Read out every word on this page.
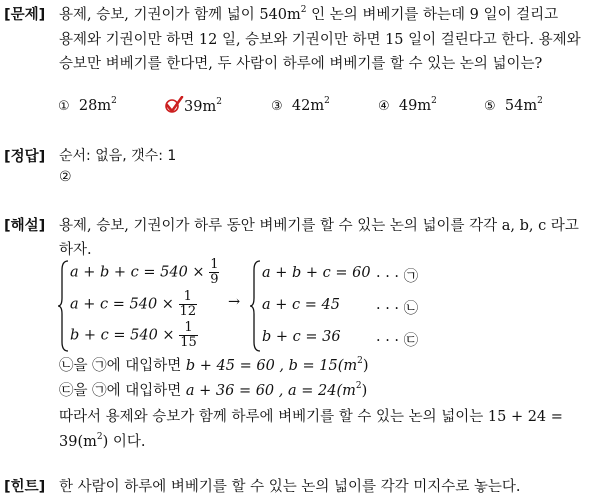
[문제] 용제, 승보, 기권이가 함께 넓이 $540m^2$ 인 논의 벼베기를 하는데 9 일이 걸리고
용제와 기권이만 하면 12 일, 승보와 기권이만 하면 15 일이 걸린다고 한다. 용제와
승보만 벼베기를 한다면, 두 사람이 하루에 벼베기를 할 수 있는 논의 넓이는?
① $28m^2$	$39m^2$	③ $42m^2$	④ $49m^2$	⑤ $54m^2$
[정답] 순서: 없음, 갯수: 1
②
[해설] 용제, 승보, 기권이가 하루 동안 벼베기를 할 수 있는 논의 넓이를 각각 a, b, c 라고
하자.
$a + b + c = 540 \times \frac{1}{9}$
$a + c = 540 \times \frac{1}{12}$
$b + c = 540 \times \frac{1}{15}$
→
a + b + c = 60 · · · ㉠
a + c = 45 · · · ㉡
b + c = 36 · · · ㉢
㉡을 ㉠에 대입하면 b + 45 = 60 , $b = 15(m^2)$
㉢을 ㉠에 대입하면 a + 36 = 60 , $a = 24(m^2)$
따라서 용제와 승보가 함께 하루에 벼베기를 할 수 있는 논의 넓이는 15 + 24 =
$39(m^2)$ 이다.
[힌트] 한 사람이 하루에 벼베기를 할 수 있는 논의 넓이를 각각 미지수로 놓는다.
